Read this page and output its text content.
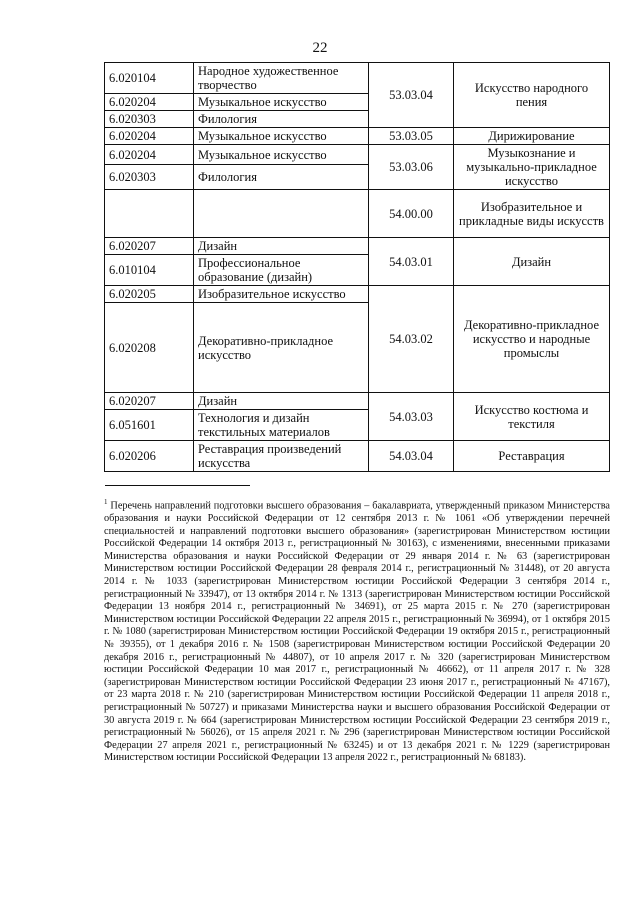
22
6.020104	Народное художественное творчество	53.03.04	Искусство народного пения
6.020204	Музыкальное искусство		
6.020303	Филология		
6.020204	Музыкальное искусство	53.03.05	Дирижирование
6.020204	Музыкальное искусство	53.03.06	Музыкознание и музыкально-прикладное искусство
6.020303	Филология		
		54.00.00	Изобразительное и прикладные виды искусств
6.020207	Дизайн	54.03.01	Дизайн
6.010104	Профессиональное образование (дизайн)		
6.020205	Изобразительное искусство	54.03.02	Декоративно-прикладное искусство и народные промыслы
6.020208	Декоративно-прикладное искусство		
6.020207	Дизайн	54.03.03	Искусство костюма и текстиля
6.051601	Технология и дизайн текстильных материалов		
6.020206	Реставрация произведений искусства	54.03.04	Реставрация
$^1$ Перечень направлений подготовки высшего образования – бакалавриата, утвержденный приказом Министерства образования и науки Российской Федерации от 12 сентября 2013 г. № 1061 «Об утверждении перечней специальностей и направлений подготовки высшего образования» (зарегистрирован Министерством юстиции Российской Федерации 14 октября 2013 г., регистрационный № 30163), с изменениями, внесенными приказами Министерства образования и науки Российской Федерации от 29 января 2014 г. № 63 (зарегистрирован Министерством юстиции Российской Федерации 28 февраля 2014 г., регистрационный № 31448), от 20 августа 2014 г. № 1033 (зарегистрирован Министерством юстиции Российской Федерации 3 сентября 2014 г., регистрационный № 33947), от 13 октября 2014 г. № 1313 (зарегистрирован Министерством юстиции Российской Федерации 13 ноября 2014 г., регистрационный № 34691), от 25 марта 2015 г. № 270 (зарегистрирован Министерством юстиции Российской Федерации 22 апреля 2015 г., регистрационный № 36994), от 1 октября 2015 г. № 1080 (зарегистрирован Министерством юстиции Российской Федерации 19 октября 2015 г., регистрационный № 39355), от 1 декабря 2016 г. № 1508 (зарегистрирован Министерством юстиции Российской Федерации 20 декабря 2016 г., регистрационный № 44807), от 10 апреля 2017 г. № 320 (зарегистрирован Министерством юстиции Российской Федерации 10 мая 2017 г., регистрационный № 46662), от 11 апреля 2017 г. № 328 (зарегистрирован Министерством юстиции Российской Федерации 23 июня 2017 г., регистрационный № 47167), от 23 марта 2018 г. № 210 (зарегистрирован Министерством юстиции Российской Федерации 11 апреля 2018 г., регистрационный № 50727) и приказами Министерства науки и высшего образования Российской Федерации от 30 августа 2019 г. № 664 (зарегистрирован Министерством юстиции Российской Федерации 23 сентября 2019 г., регистрационный № 56026), от 15 апреля 2021 г. № 296 (зарегистрирован Министерством юстиции Российской Федерации 27 апреля 2021 г., регистрационный № 63245) и от 13 декабря 2021 г. № 1229 (зарегистрирован Министерством юстиции Российской Федерации 13 апреля 2022 г., регистрационный № 68183).
